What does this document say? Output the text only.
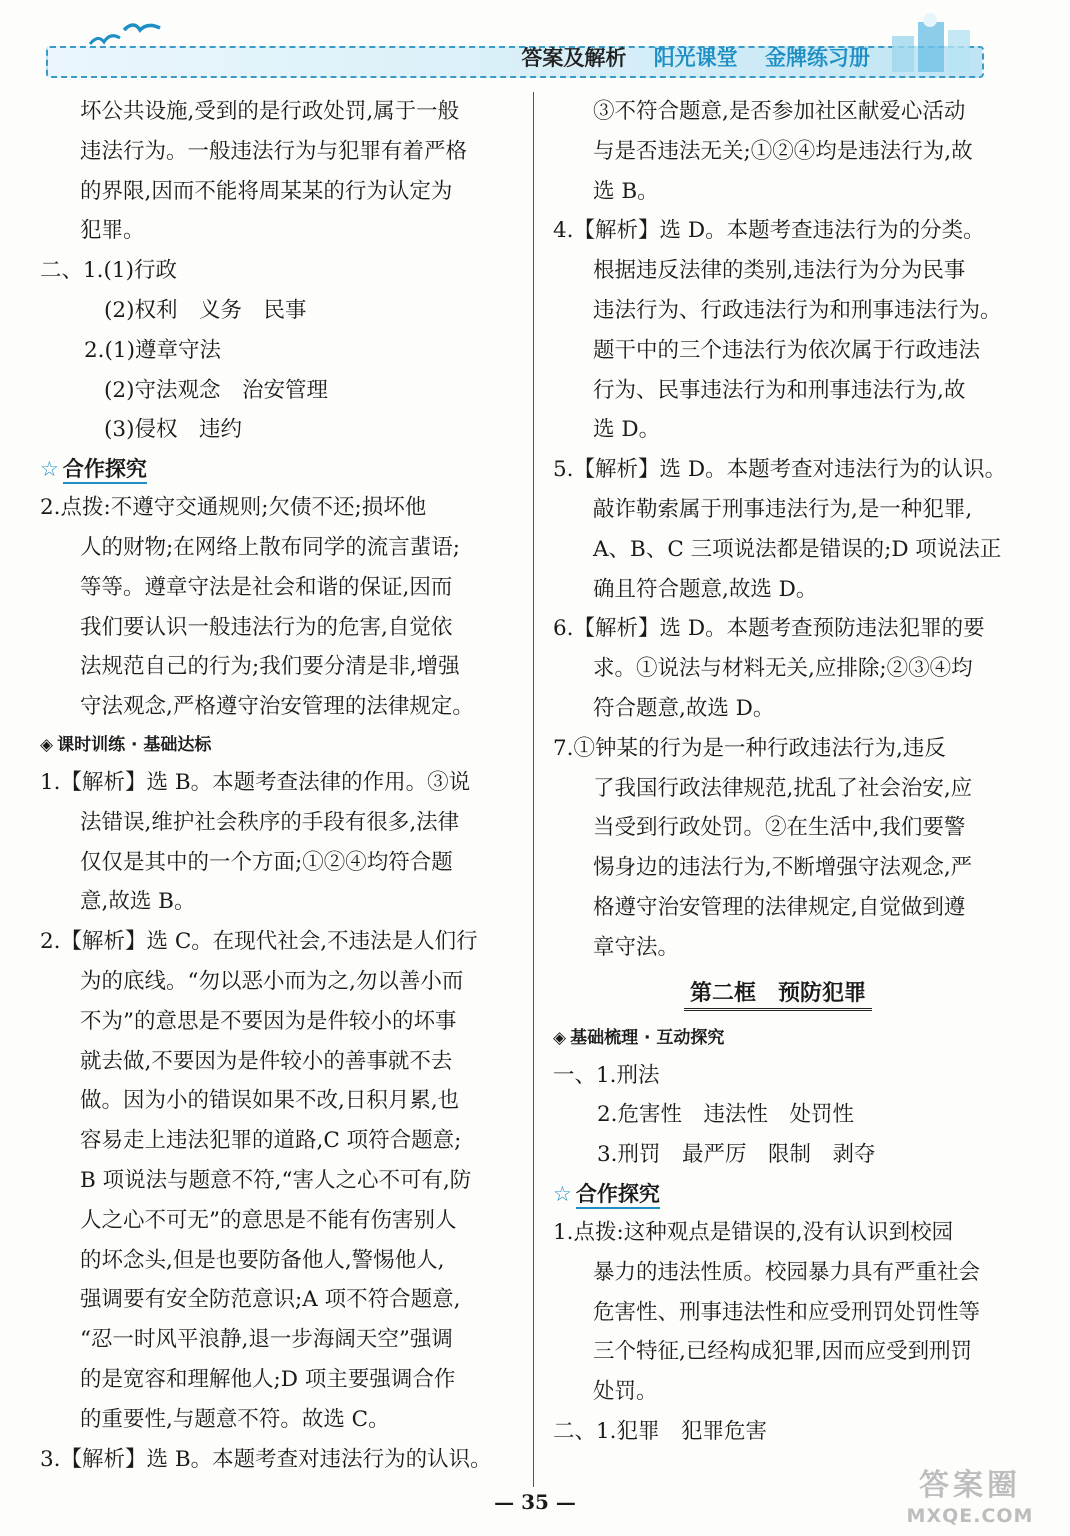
答案及解析 阳光课堂 金牌练习册
坏公共设施,受到的是行政处罚,属于一般
违法行为。一般违法行为与犯罪有着严格
的界限,因而不能将周某某的行为认定为
犯罪。
二、1.(1)行政
(2)权利　义务　民事
2.(1)遵章守法
(2)守法观念　治安管理
(3)侵权　违约
☆ 合作探究
2.点拨:不遵守交通规则;欠债不还;损坏他
人的财物;在网络上散布同学的流言蜚语;
等等。遵章守法是社会和谐的保证,因而
我们要认识一般违法行为的危害,自觉依
法规范自己的行为;我们要分清是非,增强
守法观念,严格遵守治安管理的法律规定。
◈ 课时训练 · 基础达标
1.【解析】选 B。本题考查法律的作用。③说
法错误,维护社会秩序的手段有很多,法律
仅仅是其中的一个方面;①②④均符合题
意,故选 B。
2.【解析】选 C。在现代社会,不违法是人们行
为的底线。“勿以恶小而为之,勿以善小而
不为”的意思是不要因为是件较小的坏事
就去做,不要因为是件较小的善事就不去
做。因为小的错误如果不改,日积月累,也
容易走上违法犯罪的道路,C 项符合题意;
B 项说法与题意不符,“害人之心不可有,防
人之心不可无”的意思是不能有伤害别人
的坏念头,但是也要防备他人,警惕他人,
强调要有安全防范意识;A 项不符合题意,
“忍一时风平浪静,退一步海阔天空”强调
的是宽容和理解他人;D 项主要强调合作
的重要性,与题意不符。故选 C。
3.【解析】选 B。本题考查对违法行为的认识。
③不符合题意,是否参加社区献爱心活动
与是否违法无关;①②④均是违法行为,故
选 B。
4.【解析】选 D。本题考查违法行为的分类。
根据违反法律的类别,违法行为分为民事
违法行为、行政违法行为和刑事违法行为。
题干中的三个违法行为依次属于行政违法
行为、民事违法行为和刑事违法行为,故
选 D。
5.【解析】选 D。本题考查对违法行为的认识。
敲诈勒索属于刑事违法行为,是一种犯罪,
A、B、C 三项说法都是错误的;D 项说法正
确且符合题意,故选 D。
6.【解析】选 D。本题考查预防违法犯罪的要
求。①说法与材料无关,应排除;②③④均
符合题意,故选 D。
7.①钟某的行为是一种行政违法行为,违反
了我国行政法律规范,扰乱了社会治安,应
当受到行政处罚。②在生活中,我们要警
惕身边的违法行为,不断增强守法观念,严
格遵守治安管理的法律规定,自觉做到遵
章守法。
第二框　预防犯罪
◈ 基础梳理 · 互动探究
一、1.刑法
2.危害性　违法性　处罚性
3.刑罚　最严厉　限制　剥夺
☆ 合作探究
1.点拨:这种观点是错误的,没有认识到校园
暴力的违法性质。校园暴力具有严重社会
危害性、刑事违法性和应受刑罚处罚性等
三个特征,已经构成犯罪,因而应受到刑罚
处罚。
二、1.犯罪　犯罪危害
— 35 —	答案圈
MXQE.COM
